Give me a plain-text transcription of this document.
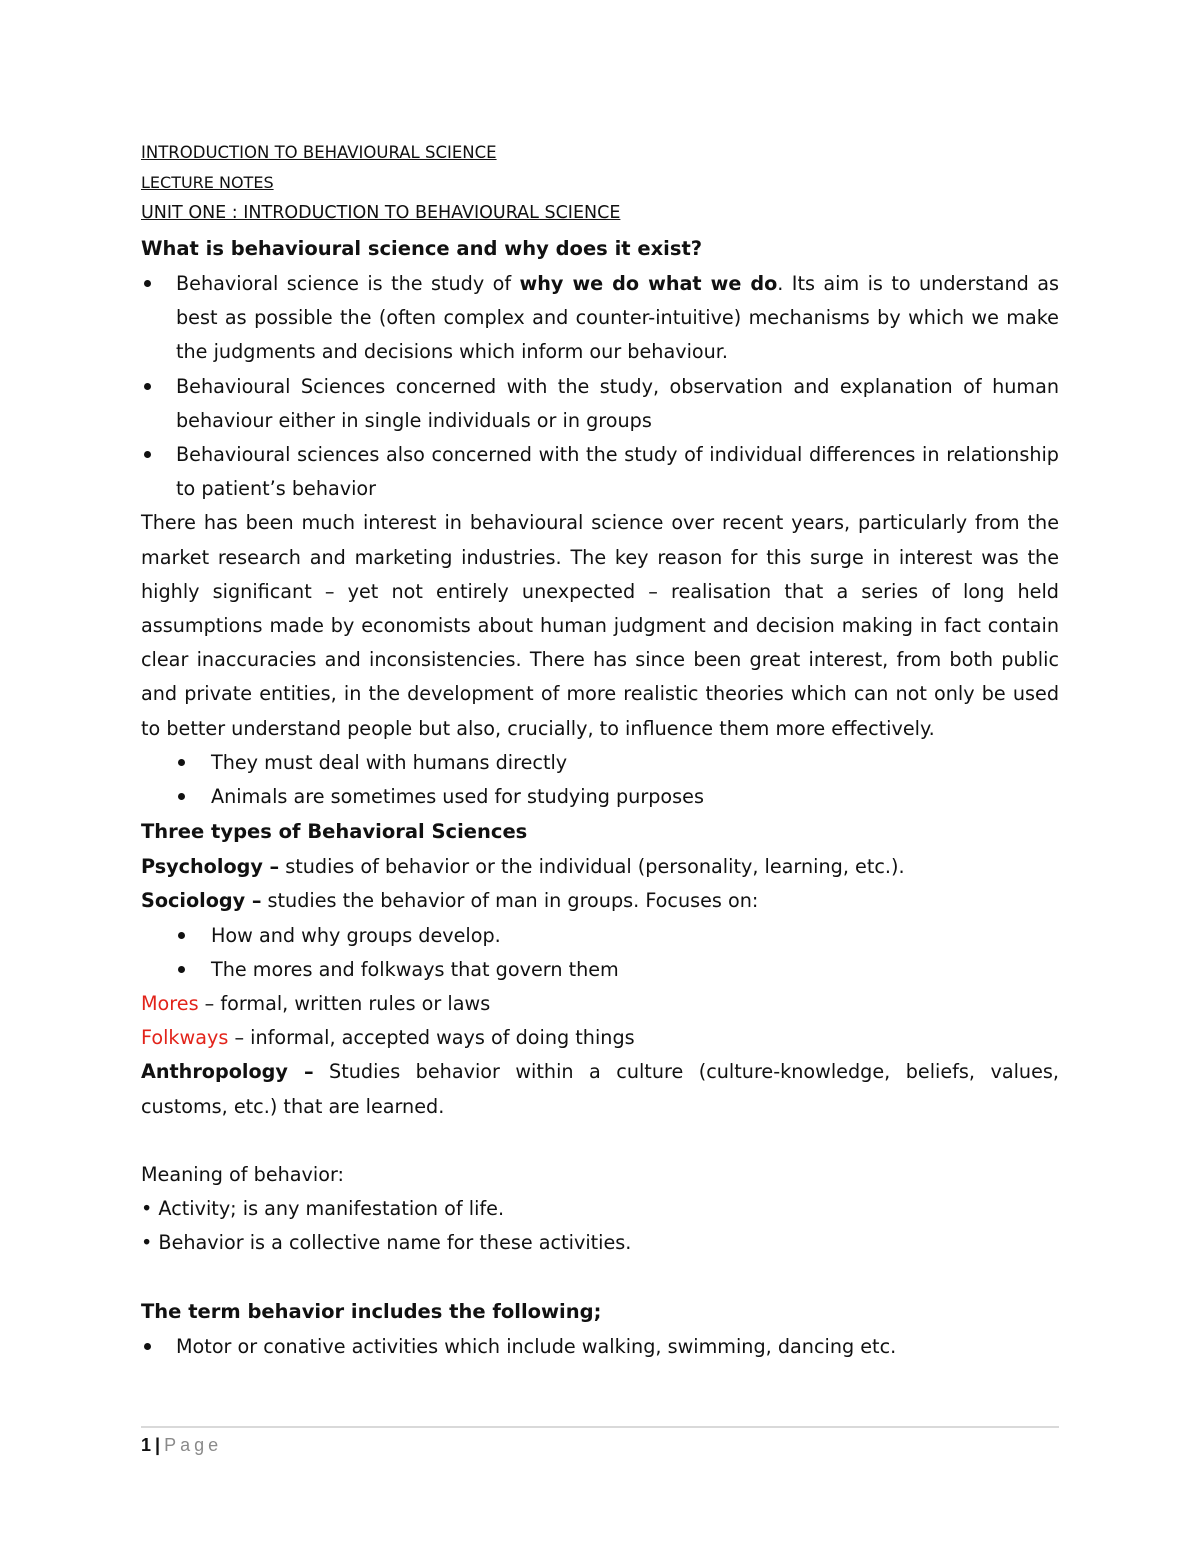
INTRODUCTION TO BEHAVIOURAL SCIENCE

LECTURE NOTES

UNIT ONE : INTRODUCTION TO BEHAVIOURAL SCIENCE

What is behavioural science and why does it exist?

Behavioral science is the study of why we do what we do. Its aim is to understand as best as possible the (often complex and counter-intuitive) mechanisms by which we make the judgments and decisions which inform our behaviour.
Behavioural Sciences concerned with the study, observation and explanation of human behaviour either in single individuals or in groups
Behavioural sciences also concerned with the study of individual differences in relationship to patient’s behavior

There has been much interest in behavioural science over recent years, particularly from the market research and marketing industries. The key reason for this surge in interest was the highly significant – yet not entirely unexpected – realisation that a series of long held assumptions made by economists about human judgment and decision making in fact contain clear inaccuracies and inconsistencies. There has since been great interest, from both public and private entities, in the development of more realistic theories which can not only be used to better understand people but also, crucially, to influence them more effectively.

They must deal with humans directly
Animals are sometimes used for studying purposes

Three types of Behavioral Sciences

Psychology – studies of behavior or the individual (personality, learning, etc.).

Sociology – studies the behavior of man in groups. Focuses on:

How and why groups develop.
The mores and folkways that govern them

Mores – formal, written rules or laws

Folkways – informal, accepted ways of doing things

Anthropology – Studies behavior within a culture (culture-knowledge, beliefs, values, customs, etc.) that are learned.

Meaning of behavior:

• Activity; is any manifestation of life.

• Behavior is a collective name for these activities.

The term behavior includes the following;

Motor or conative activities which include walking, swimming, dancing etc.
1 | Page
